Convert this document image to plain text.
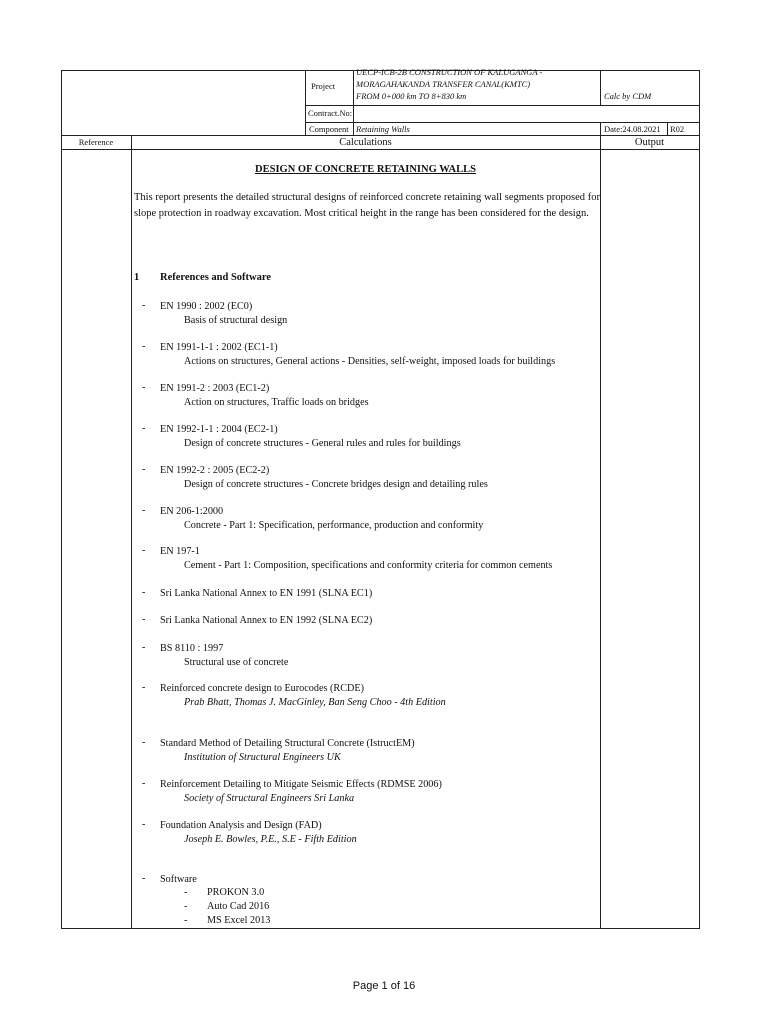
Project
UECP-ICB-2B CONSTRUCTION OF KALUGANGA -
MORAGAHAKANDA TRANSFER CANAL(KMTC)
FROM 0+000 km TO 8+830 km	Calc by CDM
Contract.No:
Component Retaining Walls	Date:24.08.2021 R02
Reference	Calculations	Output
DESIGN OF CONCRETE RETAINING WALLS
This report presents the detailed structural designs of reinforced concrete retaining wall segments proposed for slope protection in roadway excavation. Most critical height in the range has been considered for the design.
1 References and Software
- EN 1990 : 2002 (EC0)
Basis of structural design
- EN 1991-1-1 : 2002 (EC1-1)
Actions on structures, General actions - Densities, self-weight, imposed loads for buildings
- EN 1991-2 : 2003 (EC1-2)
Action on structures, Traffic loads on bridges
- EN 1992-1-1 : 2004 (EC2-1)
Design of concrete structures - General rules and rules for buildings
- EN 1992-2 : 2005 (EC2-2)
Design of concrete structures - Concrete bridges design and detailing rules
- EN 206-1:2000
Concrete - Part 1: Specification, performance, production and conformity
- EN 197-1
Cement - Part 1: Composition, specifications and conformity criteria for common cements
- Sri Lanka National Annex to EN 1991 (SLNA EC1)
- Sri Lanka National Annex to EN 1992 (SLNA EC2)
- BS 8110 : 1997
Structural use of concrete
- Reinforced concrete design to Eurocodes (RCDE)
Prab Bhatt, Thomas J. MacGinley, Ban Seng Choo - 4th Edition
- Standard Method of Detailing Structural Concrete (IstructEM)
Institution of Structural Engineers UK
- Reinforcement Detailing to Mitigate Seismic Effects (RDMSE 2006)
Society of Structural Engineers Sri Lanka
- Foundation Analysis and Design (FAD)
Joseph E. Bowles, P.E., S.E - Fifth Edition
- Software
- PROKON 3.0
- Auto Cad 2016
- MS Excel 2013
Page 1 of 16
